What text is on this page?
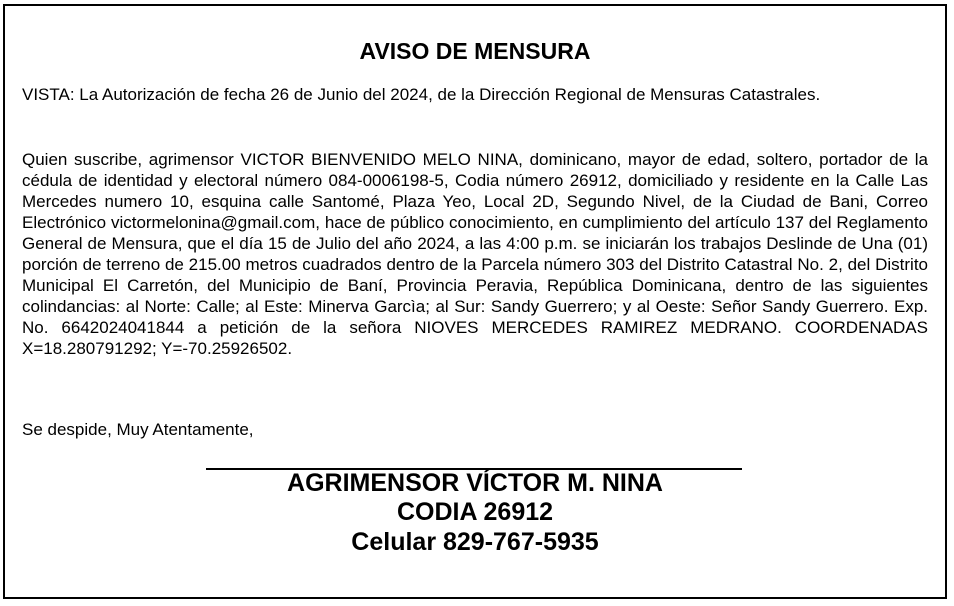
AVISO DE MENSURA

VISTA: La Autorización de fecha 26 de Junio del 2024, de la Dirección Regional de Mensuras Catastrales.

Quien suscribe, agrimensor VICTOR BIENVENIDO MELO NINA, dominicano, mayor de edad, soltero, portador de la cédula de identidad y electoral número 084-0006198-5, Codia número 26912, domiciliado y residente en la Calle Las Mercedes numero 10, esquina calle Santomé, Plaza Yeo, Local 2D, Segundo Nivel, de la Ciudad de Bani, Correo Electrónico victormelonina@gmail.com, hace de público conocimiento, en cumplimiento del artículo 137 del Reglamento General de Mensura, que el día 15 de Julio del año 2024, a las 4:00 p.m. se iniciarán los trabajos Deslinde de Una (01) porción de terreno de 215.00 metros cuadrados dentro de la Parcela número 303 del Distrito Catastral No. 2, del Distrito Municipal El Carretón, del Municipio de Baní, Provincia Peravia, República Dominicana, dentro de las siguientes colindancias: al Norte: Calle; al Este: Minerva Garcìa; al Sur: Sandy Guerrero; y al Oeste: Señor Sandy Guerrero. Exp. No. 6642024041844 a petición de la señora NIOVES MERCEDES RAMIREZ MEDRANO. COORDENADAS X=18.280791292; Y=-70.25926502.

Se despide, Muy Atentamente,

AGRIMENSOR VÍCTOR M. NINA

CODIA 26912

Celular 829-767-5935
